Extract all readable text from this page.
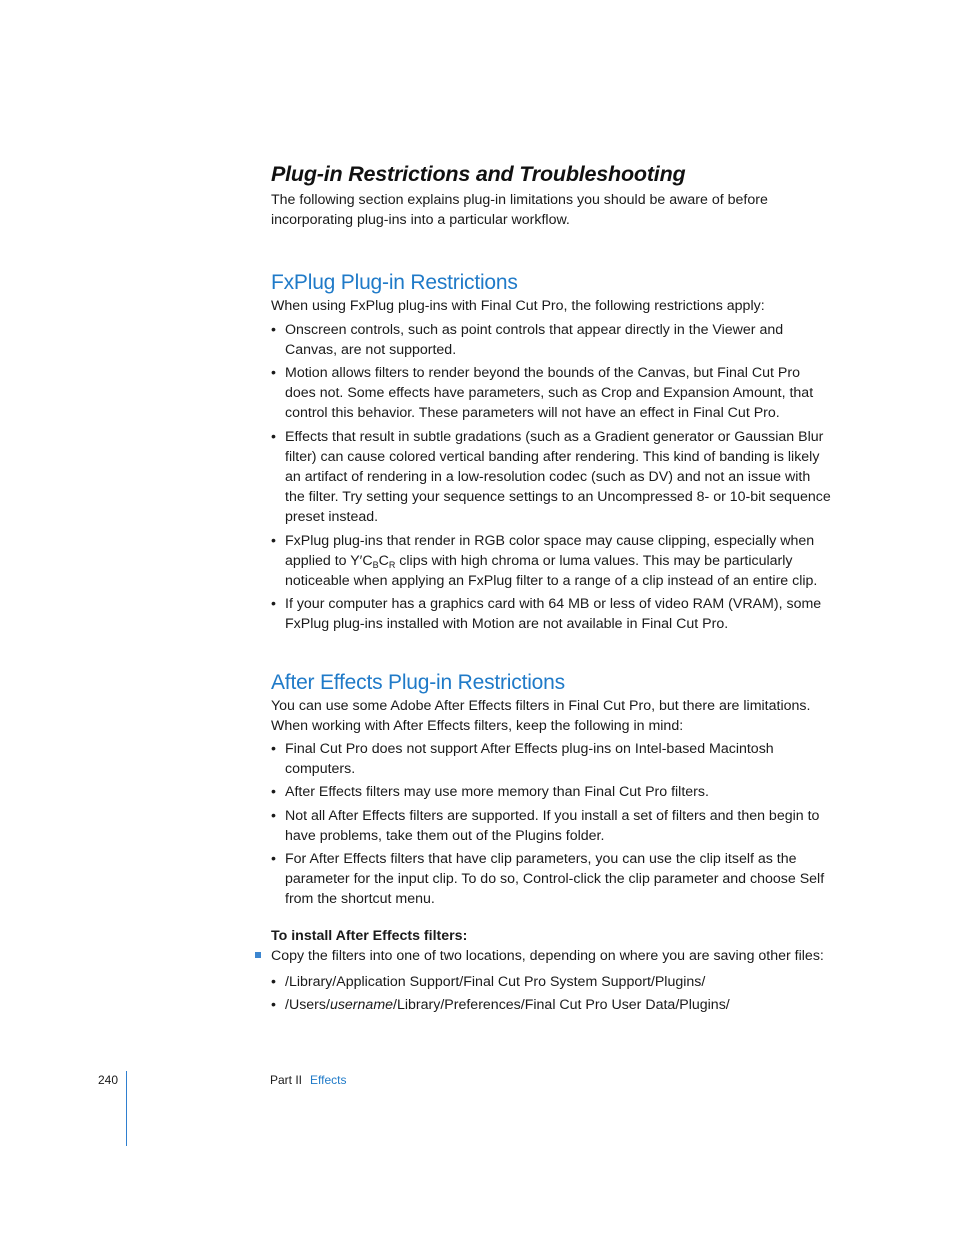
Plug-in Restrictions and Troubleshooting

The following section explains plug-in limitations you should be aware of before incorporating plug-ins into a particular workflow.

FxPlug Plug-in Restrictions

When using FxPlug plug-ins with Final Cut Pro, the following restrictions apply:

• Onscreen controls, such as point controls that appear directly in the Viewer and Canvas, are not supported.
• Motion allows filters to render beyond the bounds of the Canvas, but Final Cut Pro does not. Some effects have parameters, such as Crop and Expansion Amount, that control this behavior. These parameters will not have an effect in Final Cut Pro.
• Effects that result in subtle gradations (such as a Gradient generator or Gaussian Blur filter) can cause colored vertical banding after rendering. This kind of banding is likely an artifact of rendering in a low-resolution codec (such as DV) and not an issue with the filter. Try setting your sequence settings to an Uncompressed 8- or 10-bit sequence preset instead.
• FxPlug plug-ins that render in RGB color space may cause clipping, especially when applied to $Y'C_BC_R$ clips with high chroma or luma values. This may be particularly noticeable when applying an FxPlug filter to a range of a clip instead of an entire clip.
• If your computer has a graphics card with 64 MB or less of video RAM (VRAM), some FxPlug plug-ins installed with Motion are not available in Final Cut Pro.
After Effects Plug-in Restrictions

You can use some Adobe After Effects filters in Final Cut Pro, but there are limitations. When working with After Effects filters, keep the following in mind:

• Final Cut Pro does not support After Effects plug-ins on Intel-based Macintosh computers.
• After Effects filters may use more memory than Final Cut Pro filters.
• Not all After Effects filters are supported. If you install a set of filters and then begin to have problems, take them out of the Plugins folder.
• For After Effects filters that have clip parameters, you can use the clip itself as the parameter for the input clip. To do so, Control-click the clip parameter and choose Self from the shortcut menu.

To install After Effects filters:

Copy the filters into one of two locations, depending on where you are saving other files:

• /Library/Application Support/Final Cut Pro System Support/Plugins/
• /Users/username/Library/Preferences/Final Cut Pro User Data/Plugins/
240	Part II Effects
